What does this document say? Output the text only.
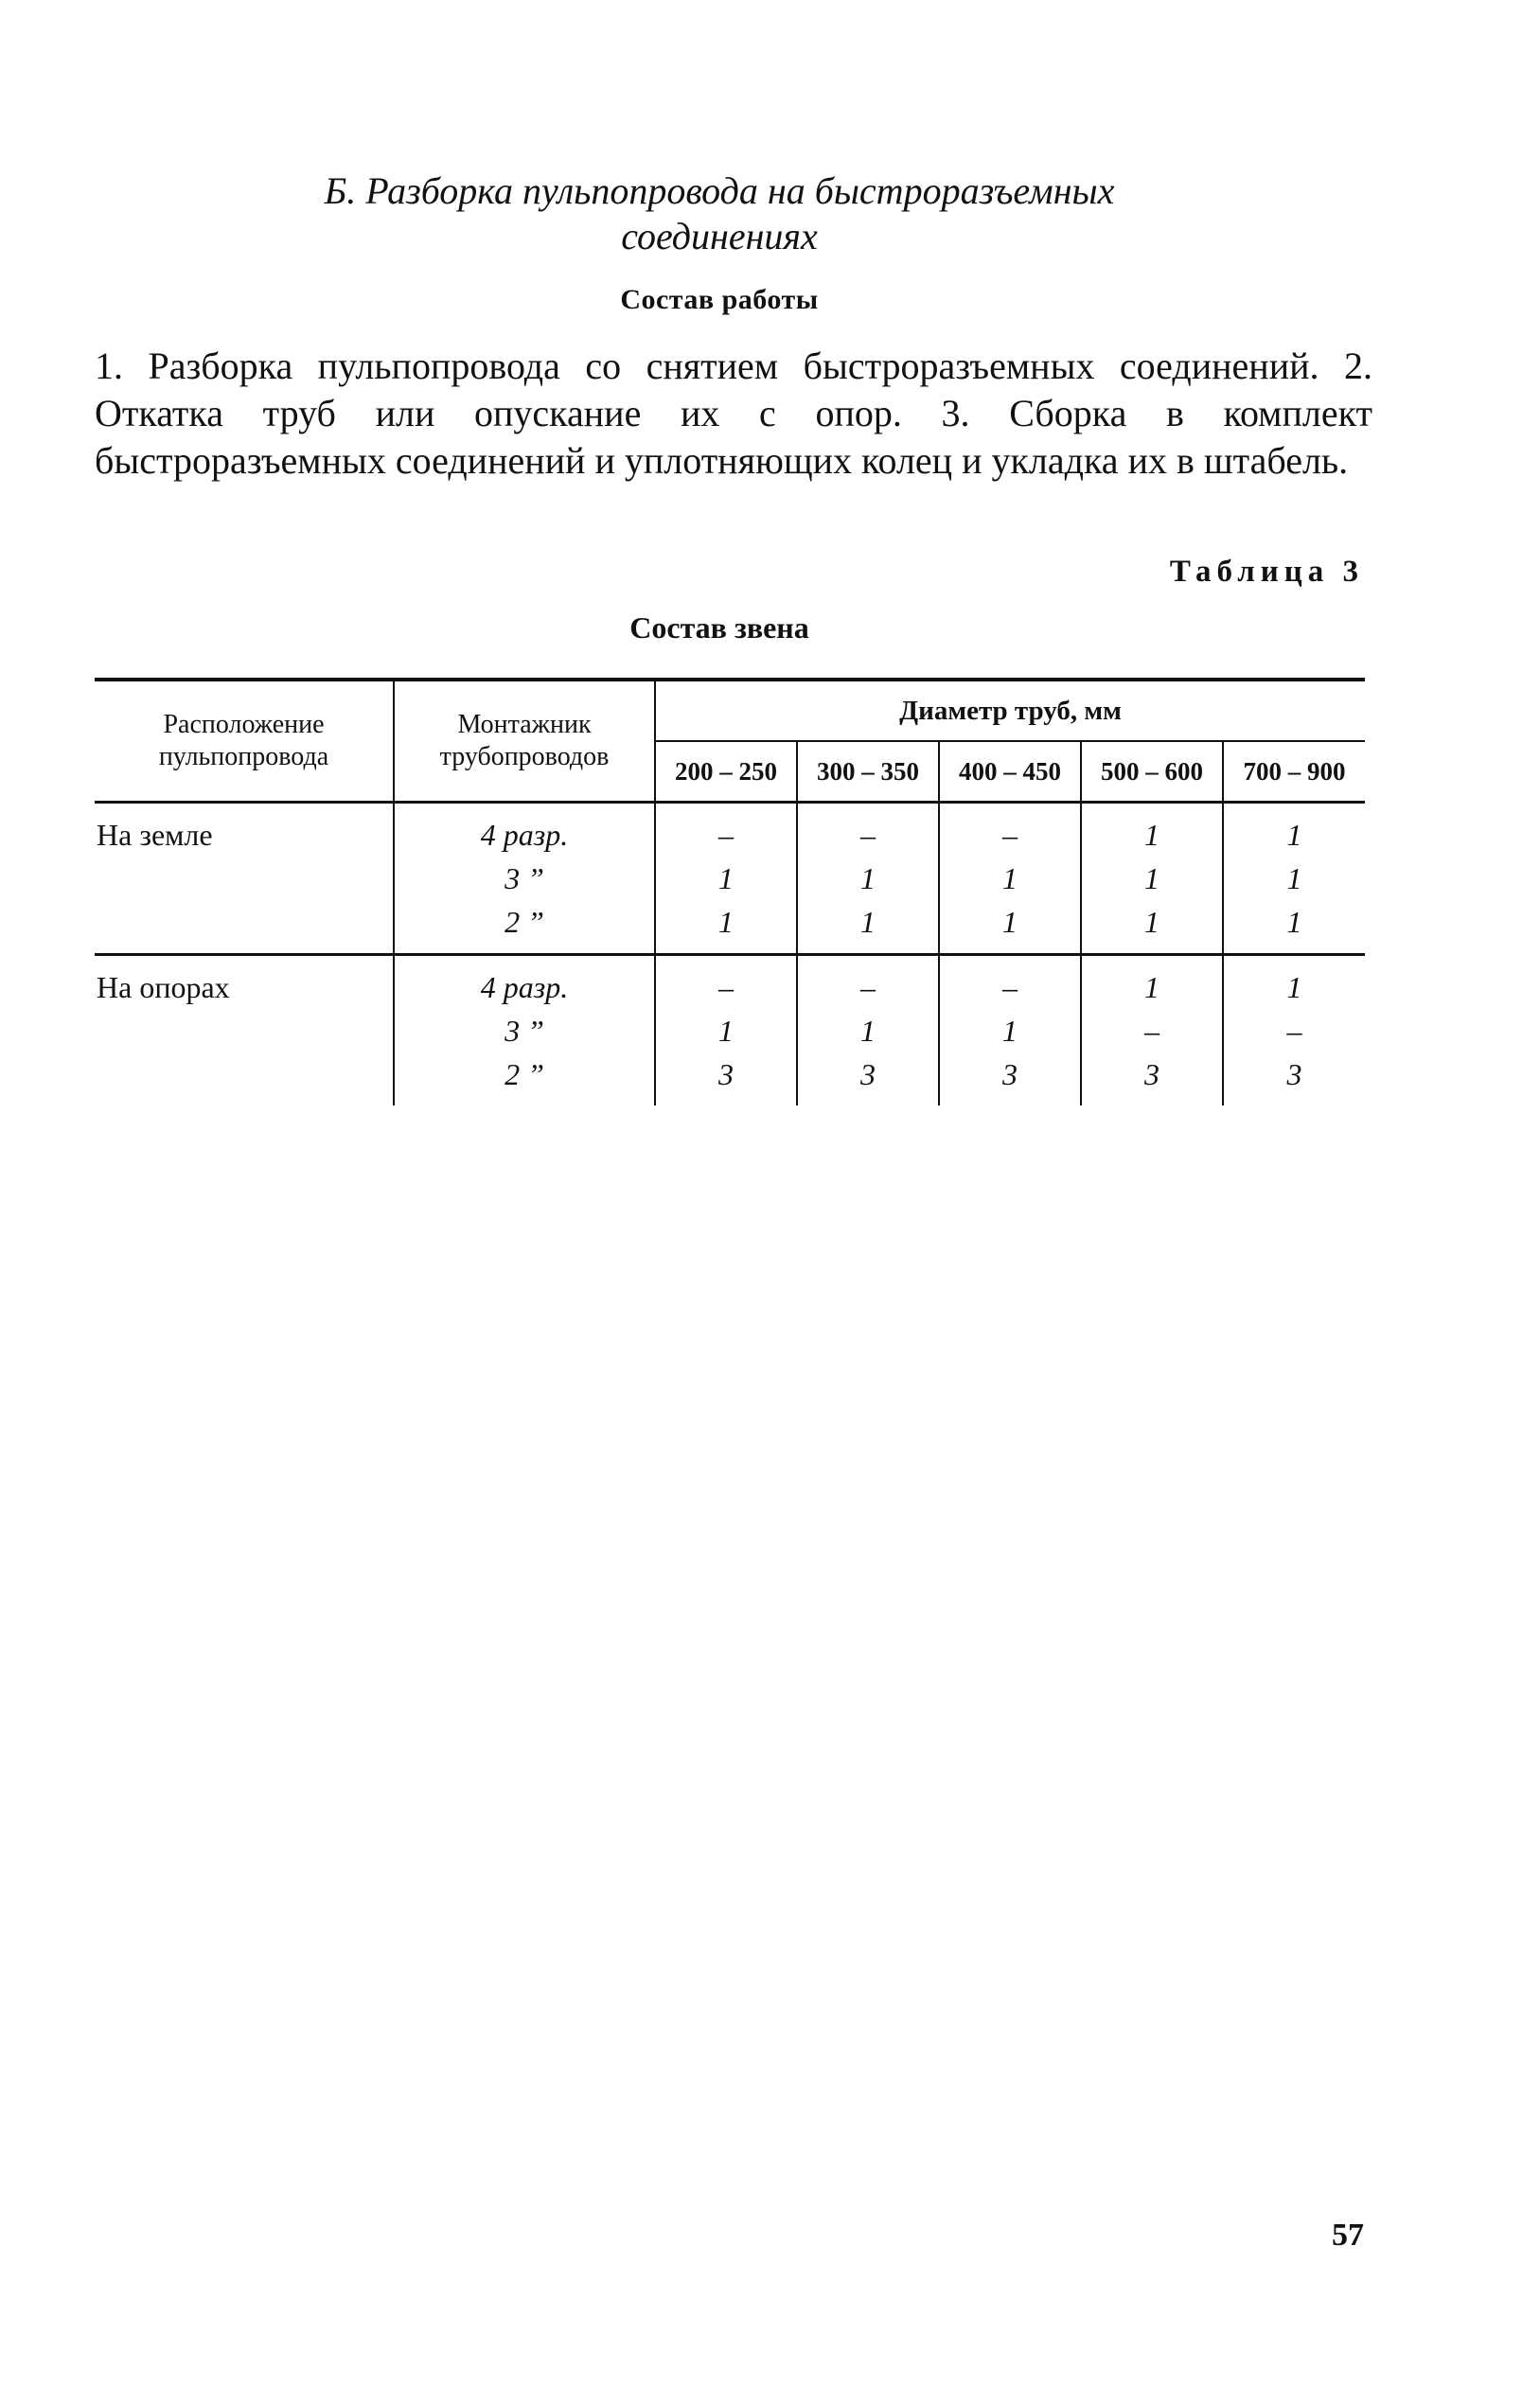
Б. Разборка пульпопровода на быстроразъемных
соединениях
Состав работы
1. Разборка пульпопровода со снятием быстроразъемных соединений. 2. Откатка труб или опускание их с опор. 3. Сборка в комплект быстроразъемных соединений и уплотняющих колец и укладка их в штабель.
Таблица 3
Состав звена
Расположение пульпопровода	Монтажник трубопроводов	Диаметр труб, мм				
		200 – 250	300 – 350	400 – 450	500 – 600	700 – 900
На земле	4 разр.	–	–	–	1	1
	3 ”	1	1	1	1	1
	2 ”	1	1	1	1	1
На опорах	4 разр.	–	–	–	1	1
	3 ”	1	1	1	–	–
	2 ”	3	3	3	3	3
57
